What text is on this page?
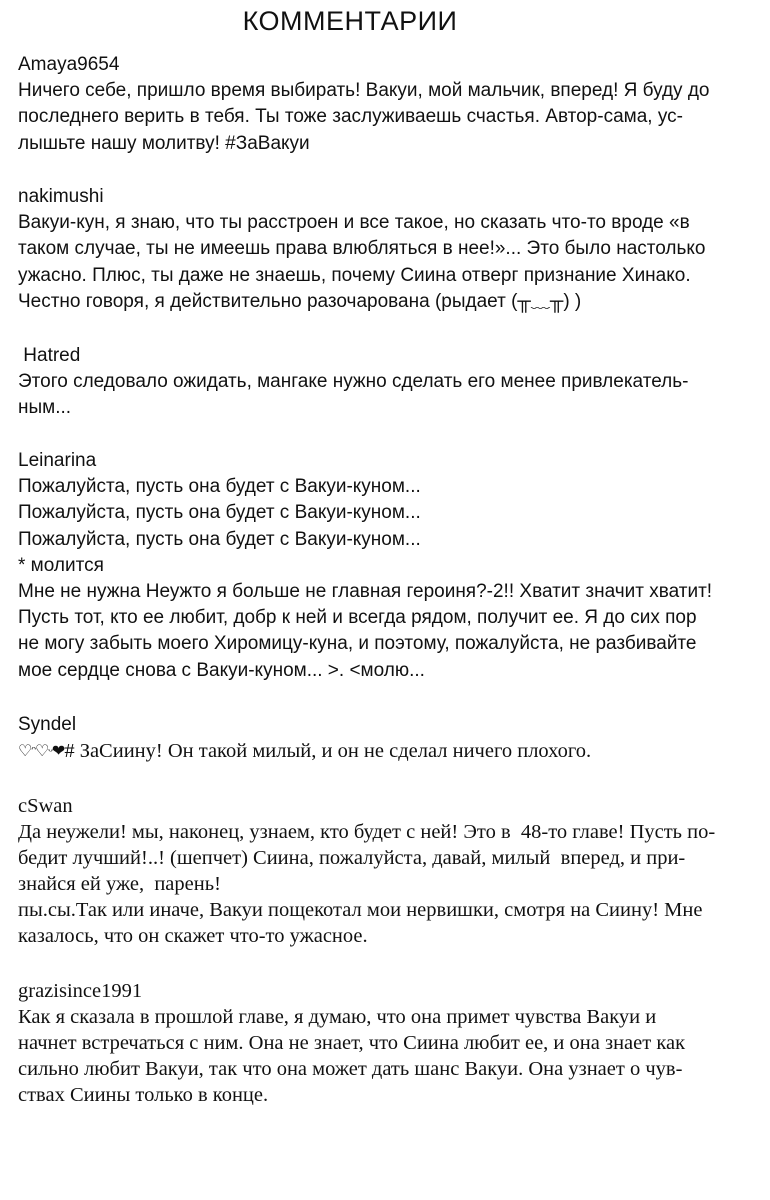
КОММЕНТАРИИ
Amaya9654
Ничего себе, пришло время выбирать! Вакуи, мой мальчик, вперед! Я буду до
последнего верить в тебя. Ты тоже заслуживаешь счастья. Автор-сама, ус-
лышьте нашу молитву! #ЗаВакуи
nakimushi
Вакуи-кун, я знаю, что ты расстроен и все такое, но сказать что-то вроде «в
таком случае, ты не имеешь права влюбляться в нее!»... Это было настолько
ужасно. Плюс, ты даже не знаешь, почему Сиина отверг признание Хинако.
Честно говоря, я действительно разочарована (рыдает (╥﹏╥) )
Hatred
Этого следовало ожидать, мангаке нужно сделать его менее привлекатель-
ным...
Leinarina
Пожалуйста, пусть она будет с Вакуи-куном...
Пожалуйста, пусть она будет с Вакуи-куном...
Пожалуйста, пусть она будет с Вакуи-куном...
* молится
Мне не нужна Неужто я больше не главная героиня?-2!! Хватит значит хватит!
Пусть тот, кто ее любит, добр к ней и всегда рядом, получит ее. Я до сих пор
не могу забыть моего Хиромицу-куна, и поэтому, пожалуйста, не разбивайте
мое сердце снова с Вакуи-куном... >. <молю...
Syndel
♡ᵔ♡ᵕ❤# ЗаСиину! Он такой милый, и он не сделал ничего плохого.
cSwan
Да неужели! мы, наконец, узнаем, кто будет с ней! Это в  48-то главе! Пусть по-
бедит лучший!..! (шепчет) Сиина, пожалуйста, давай, милый  вперед, и при-
знайся ей уже,  парень!
пы.сы.Так или иначе, Вакуи пощекотал мои нервишки, смотря на Сиину! Мне
казалось, что он скажет что-то ужасное.
grazisince1991
Как я сказала в прошлой главе, я думаю, что она примет чувства Вакуи и
начнет встречаться с ним. Она не знает, что Сиина любит ее, и она знает как
сильно любит Вакуи, так что она может дать шанс Вакуи. Она узнает о чув-
ствах Сиины только в конце.
